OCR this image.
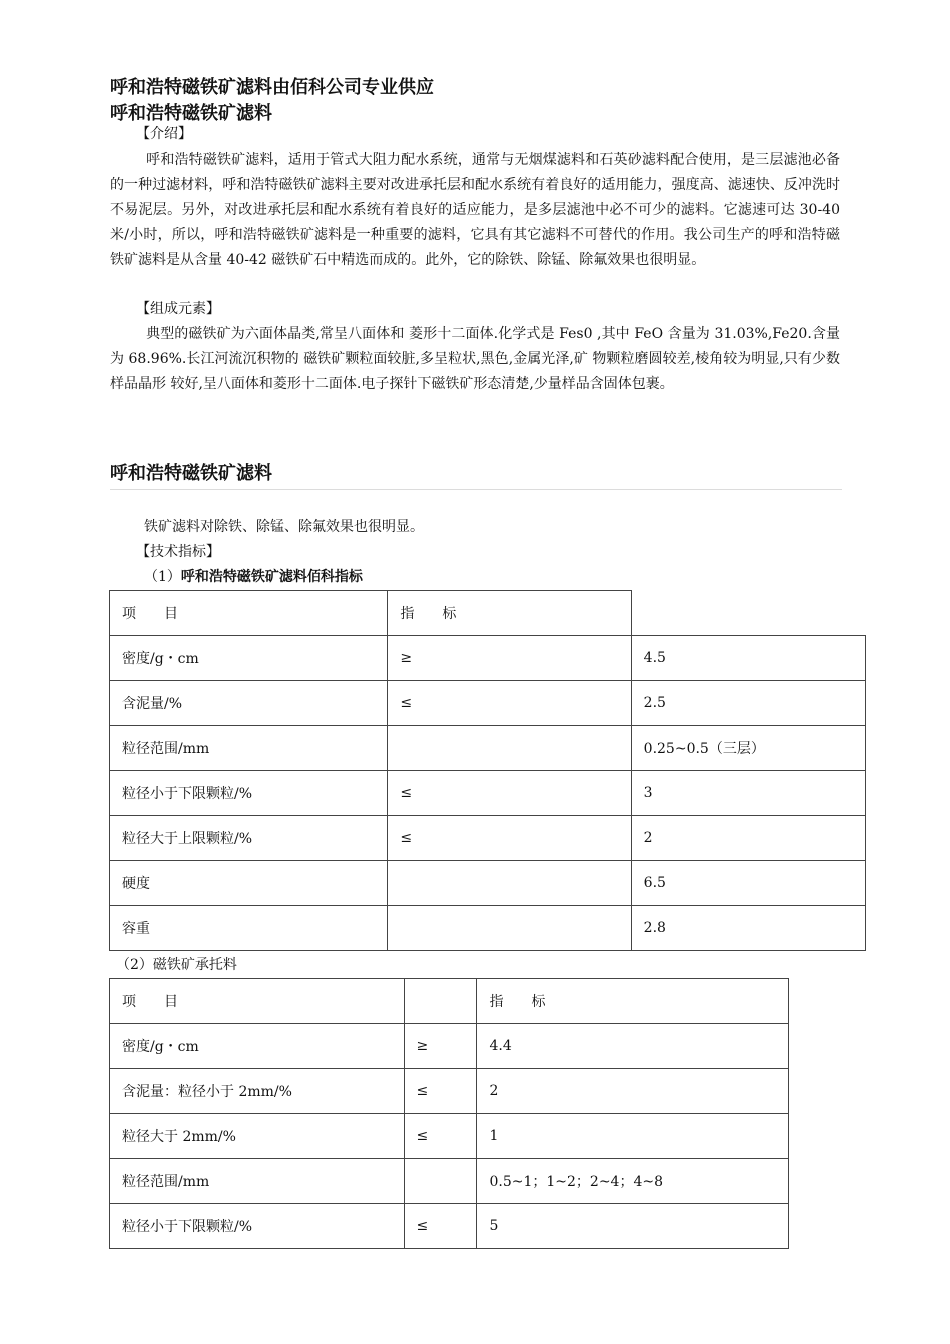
呼和浩特磁铁矿滤料由佰科公司专业供应
呼和浩特磁铁矿滤料
【介绍】
呼和浩特磁铁矿滤料，适用于管式大阻力配水系统，通常与无烟煤滤料和石英砂滤料配合使用，是三层滤池必备的一种过滤材料，呼和浩特磁铁矿滤料主要对改进承托层和配水系统有着良好的适用能力，强度高、滤速快、反冲洗时不易泥层。另外，对改进承托层和配水系统有着良好的适应能力，是多层滤池中必不可少的滤料。它滤速可达 30-40 米/小时，所以，呼和浩特磁铁矿滤料是一种重要的滤料，它具有其它滤料不可替代的作用。我公司生产的呼和浩特磁铁矿滤料是从含量 40-42 磁铁矿石中精选而成的。此外，它的除铁、除锰、除氟效果也很明显。
【组成元素】
典型的磁铁矿为六面体晶类,常呈八面体和 菱形十二面体.化学式是 Fes0 ,其中 FeO 含量为 31.03%,Fe20.含量为 68.96%.长江河流沉积物的 磁铁矿颗粒面较脏,多呈粒状,黑色,金属光泽,矿 物颗粒磨圆较差,棱角较为明显,只有少数样品晶形 较好,呈八面体和菱形十二面体.电子探针下磁铁矿形态清楚,少量样品含固体包裹。
呼和浩特磁铁矿滤料
铁矿滤料对除铁、除锰、除氟效果也很明显。
【技术指标】
（1）呼和浩特磁铁矿滤料佰科指标
项　　目	指　　标	
密度/g・cm	≥	4.5
含泥量/%	≤	2.5
粒径范围/mm		0.25~0.5（三层）
粒径小于下限颗粒/%	≤	3
粒径大于上限颗粒/%	≤	2
硬度		6.5
容重		2.8
（2）磁铁矿承托料
项　　目		指　　标
密度/g・cm	≥	4.4
含泥量：粒径小于 2mm/%	≤	2
粒径大于 2mm/%	≤	1
粒径范围/mm		0.5~1；1~2；2~4；4~8
粒径小于下限颗粒/%	≤	5
